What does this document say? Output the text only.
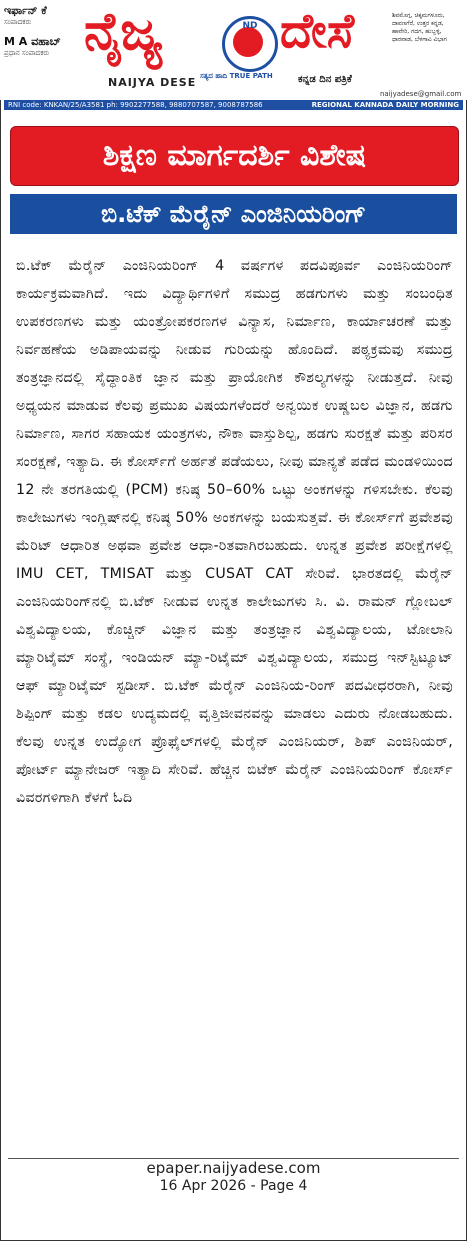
ಇರ್ಫಾನ್ ಕೆ
ಸಂಪಾದಕರು
M A ವಹಾಬ್
ಪ್ರಧಾನ ಸಂಪಾದಕರು ನೈಜ್ಯ
NAIJYA DESE
ND
ಸತ್ಯದ ಹಾದಿ TRUE PATH
ದೇಸೆ
ಕನ್ನಡ ದಿನ ಪತ್ರಿಕೆ
ಶಿವಮೊಗ್ಗ, ಚಿಕ್ಕಮಗಳೂರು, ದಾವಣಗೆರೆ, ಉತ್ತರ ಕನ್ನಡ, ಹಾವೇರಿ, ಗದಗ, ಹುಬ್ಬಳ್ಳಿ, ಧಾರವಾಡ, ಬೆಳಗಾವಿ ವಿಭಾಗ
naijyadese@gmail.com
RNI code: KNKAN/25/A3581 ph: 9902277588, 9880707587, 9008787586	REGIONAL KANNADA DAILY MORNING
ಶಿಕ್ಷಣ ಮಾರ್ಗದರ್ಶಿ ವಿಶೇಷ
ಬಿ.ಟೆಕ್ ಮೆರೈನ್ ಎಂಜಿನಿಯರಿಂಗ್
ಬಿ.ಟೆಕ್ ಮೆರೈನ್ ಎಂಜಿನಿಯರಿಂಗ್ 4 ವರ್ಷಗಳ ಪದವಿಪೂರ್ವ ಎಂಜಿನಿಯರಿಂಗ್ ಕಾರ್ಯಕ್ರಮವಾಗಿದೆ. ಇದು ವಿದ್ಯಾರ್ಥಿಗಳಿಗೆ ಸಮುದ್ರ ಹಡಗುಗಳು ಮತ್ತು ಸಂಬಂಧಿತ ಉಪಕರಣಗಳು ಮತ್ತು ಯಂತ್ರೋಪಕರಣಗಳ ವಿನ್ಯಾಸ, ನಿರ್ಮಾಣ, ಕಾರ್ಯಾಚರಣೆ ಮತ್ತು ನಿರ್ವಹಣೆಯ ಅಡಿಪಾಯವನ್ನು ನೀಡುವ ಗುರಿಯನ್ನು ಹೊಂದಿದೆ. ಪಠ್ಯಕ್ರಮವು ಸಮುದ್ರ ತಂತ್ರಜ್ಞಾನದಲ್ಲಿ ಸೈದ್ಧಾಂತಿಕ ಜ್ಞಾನ ಮತ್ತು ಪ್ರಾಯೋಗಿಕ ಕೌಶಲ್ಯಗಳನ್ನು ನೀಡುತ್ತದೆ. ನೀವು ಅಧ್ಯಯನ ಮಾಡುವ ಕೆಲವು ಪ್ರಮುಖ ವಿಷಯಗಳೆಂದರೆ ಅನ್ವಯಿಕ ಉಷ್ಣಬಲ ವಿಜ್ಞಾನ, ಹಡಗು ನಿರ್ಮಾಣ, ಸಾಗರ ಸಹಾಯಕ ಯಂತ್ರಗಳು, ನೌಕಾ ವಾಸ್ತುಶಿಲ್ಪ, ಹಡಗು ಸುರಕ್ಷತೆ ಮತ್ತು ಪರಿಸರ ಸಂರಕ್ಷಣೆ, ಇತ್ಯಾದಿ. ಈ ಕೋರ್ಸ್‌ಗೆ ಅರ್ಹತೆ ಪಡೆಯಲು, ನೀವು ಮಾನ್ಯತೆ ಪಡೆದ ಮಂಡಳಿಯಿಂದ 12 ನೇ ತರಗತಿಯಲ್ಲಿ (PCM) ಕನಿಷ್ಠ 50–60% ಒಟ್ಟು ಅಂಕಗಳನ್ನು ಗಳಿಸಬೇಕು. ಕೆಲವು ಕಾಲೇಜುಗಳು ಇಂಗ್ಲಿಷ್‌ನಲ್ಲಿ ಕನಿಷ್ಠ 50% ಅಂಕಗಳನ್ನು ಬಯಸುತ್ತವೆ. ಈ ಕೋರ್ಸ್‌ಗೆ ಪ್ರವೇಶವು ಮೆರಿಟ್ ಆಧಾರಿತ ಅಥವಾ ಪ್ರವೇಶ ಆಧಾ-ರಿತವಾಗಿರಬಹುದು. ಉನ್ನತ ಪ್ರವೇಶ ಪರೀಕ್ಷೆಗಳಲ್ಲಿ IMU CET, TMISAT ಮತ್ತು CUSAT CAT ಸೇರಿವೆ. ಭಾರತದಲ್ಲಿ ಮೆರೈನ್ ಎಂಜಿನಿಯರಿಂಗ್‌ನಲ್ಲಿ ಬಿ.ಟೆಕ್ ನೀಡುವ ಉನ್ನತ ಕಾಲೇಜುಗಳು ಸಿ. ವಿ. ರಾಮನ್ ಗ್ಲೋಬಲ್ ವಿಶ್ವವಿದ್ಯಾಲಯ, ಕೊಚ್ಚಿನ್ ವಿಜ್ಞಾನ ಮತ್ತು ತಂತ್ರಜ್ಞಾನ ವಿಶ್ವವಿದ್ಯಾಲಯ, ಟೋಲಾನಿ ಮ್ಯಾರಿಟೈಮ್ ಸಂಸ್ಥೆ, ಇಂಡಿಯನ್ ಮ್ಯಾ-ರಿಟೈಮ್ ವಿಶ್ವವಿದ್ಯಾಲಯ, ಸಮುದ್ರ ಇನ್‌ಸ್ಟಿಟ್ಯೂಟ್ ಆಫ್ ಮ್ಯಾರಿಟೈಮ್ ಸ್ಟಡೀಸ್. ಬಿ.ಟೆಕ್ ಮೆರೈನ್ ಎಂಜಿನಿಯ-ರಿಂಗ್ ಪದವೀಧರರಾಗಿ, ನೀವು ಶಿಪ್ಪಿಂಗ್ ಮತ್ತು ಕಡಲ ಉದ್ಯಮದಲ್ಲಿ ವೃತ್ತಿಜೀವನವನ್ನು ಮಾಡಲು ಎದುರು ನೋಡಬಹುದು. ಕೆಲವು ಉನ್ನತ ಉದ್ಯೋಗ ಪ್ರೊಫೈಲ್‌ಗಳಲ್ಲಿ ಮೆರೈನ್ ಎಂಜಿನಿಯರ್, ಶಿಪ್ ಎಂಜಿನಿಯರ್, ಪೋರ್ಟ್ ಮ್ಯಾನೇಜರ್ ಇತ್ಯಾದಿ ಸೇರಿವೆ. ಹೆಚ್ಚಿನ ಬಿಟೆಕ್ ಮೆರೈನ್ ಎಂಜಿನಿಯರಿಂಗ್ ಕೋರ್ಸ್ ವಿವರಗಳಿಗಾಗಿ ಕೆಳಗೆ ಓದಿ
epaper.naijyadese.com
16 Apr 2026 - Page 4
